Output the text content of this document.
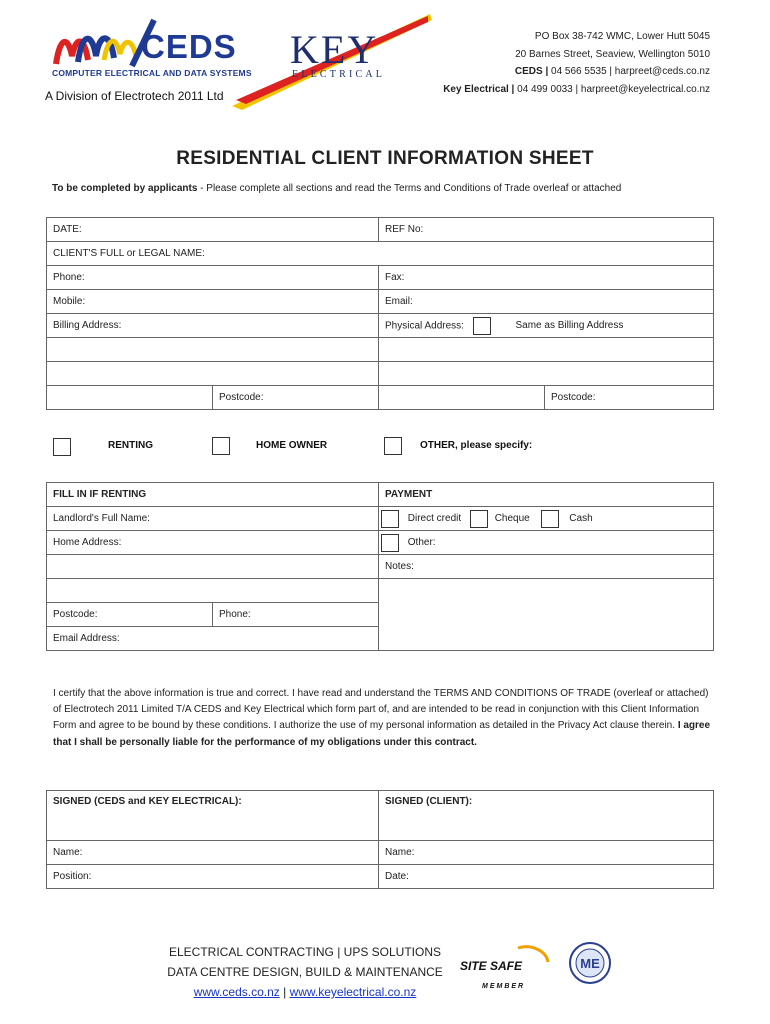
CEDS
COMPUTER ELECTRICAL AND DATA SYSTEMS
A Division of Electrotech 2011 Ltd
KEY
ELECTRICAL
PO Box 38-742 WMC, Lower Hutt 5045
20 Barnes Street, Seaview, Wellington 5010
CEDS | 04 566 5535 | harpreet@ceds.co.nz
Key Electrical | 04 499 0033 | harpreet@keyelectrical.co.nz
RESIDENTIAL CLIENT INFORMATION SHEET
To be completed by applicants - Please complete all sections and read the Terms and Conditions of Trade overleaf or attached
DATE:		REF No:	
CLIENT'S FULL or LEGAL NAME:			
Phone:		Fax:	
Mobile:		Email:	
Billing Address:		Physical Address: Same as Billing Address	

	Postcode:		Postcode:
RENTING	HOME OWNER	OTHER, please specify:
FILL IN IF RENTING		PAYMENT
Landlord's Full Name:		Direct credit Cheque Cash
Home Address:		Other:
		Notes:

Postcode:	Phone:	
Email Address:		
I certify that the above information is true and correct. I have read and understand the TERMS AND CONDITIONS OF TRADE (overleaf or attached) of Electrotech 2011 Limited T/A CEDS and Key Electrical which form part of, and are intended to be read in conjunction with this Client Information Form and agree to be bound by these conditions. I authorize the use of my personal information as detailed in the Privacy Act clause therein. I agree that I shall be personally liable for the performance of my obligations under this contract.
SIGNED (CEDS and KEY ELECTRICAL):	SIGNED (CLIENT):
Name:	Name:
Position:	Date:
ELECTRICAL CONTRACTING | UPS SOLUTIONS
DATA CENTRE DESIGN, BUILD & MAINTENANCE
www.ceds.co.nz | www.keyelectrical.co.nz
SITE SAFE
MEMBER
ME
